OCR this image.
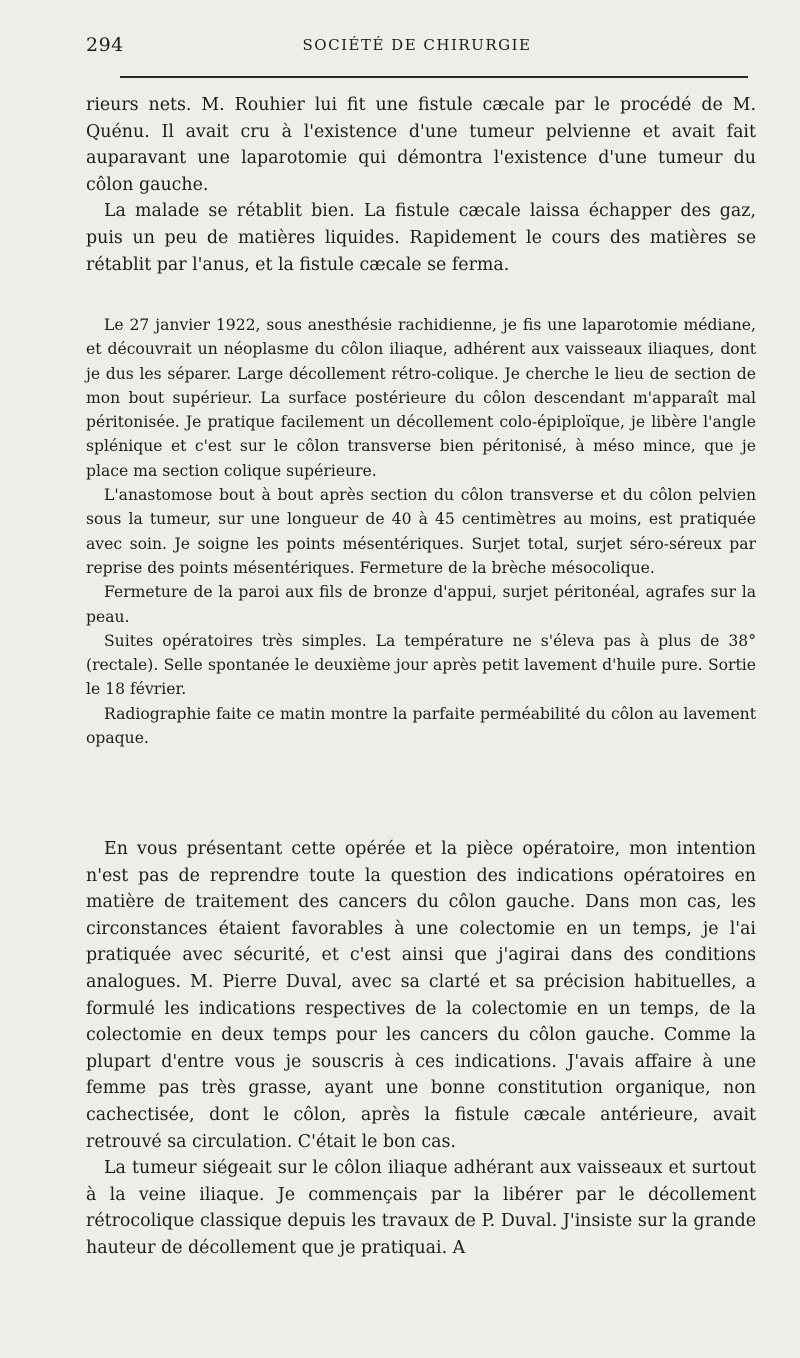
294	SOCIÉTÉ DE CHIRURGIE

rieurs nets. M. Rouhier lui fit une fistule cæcale par le procédé de M. Quénu. Il avait cru à l'existence d'une tumeur pelvienne et avait fait auparavant une laparotomie qui démontra l'existence d'une tumeur du côlon gauche.

La malade se rétablit bien. La fistule cæcale laissa échapper des gaz, puis un peu de matières liquides. Rapidement le cours des matières se rétablit par l'anus, et la fistule cæcale se ferma.

Le 27 janvier 1922, sous anesthésie rachidienne, je fis une laparotomie médiane, et découvrait un néoplasme du côlon iliaque, adhérent aux vaisseaux iliaques, dont je dus les séparer. Large décollement rétro-colique. Je cherche le lieu de section de mon bout supérieur. La surface postérieure du côlon descendant m'apparaît mal péritonisée. Je pratique facilement un décollement colo-épiploïque, je libère l'angle splénique et c'est sur le côlon transverse bien péritonisé, à méso mince, que je place ma section colique supérieure.

L'anastomose bout à bout après section du côlon transverse et du côlon pelvien sous la tumeur, sur une longueur de 40 à 45 centimètres au moins, est pratiquée avec soin. Je soigne les points mésentériques. Surjet total, surjet séro-séreux par reprise des points mésentériques. Fermeture de la brèche mésocolique.

Fermeture de la paroi aux fils de bronze d'appui, surjet péritonéal, agrafes sur la peau.

Suites opératoires très simples. La température ne s'éleva pas à plus de 38° (rectale). Selle spontanée le deuxième jour après petit lavement d'huile pure. Sortie le 18 février.

Radiographie faite ce matin montre la parfaite perméabilité du côlon au lavement opaque.

En vous présentant cette opérée et la pièce opératoire, mon intention n'est pas de reprendre toute la question des indications opératoires en matière de traitement des cancers du côlon gauche. Dans mon cas, les circonstances étaient favorables à une colectomie en un temps, je l'ai pratiquée avec sécurité, et c'est ainsi que j'agirai dans des conditions analogues. M. Pierre Duval, avec sa clarté et sa précision habituelles, a formulé les indications respectives de la colectomie en un temps, de la colectomie en deux temps pour les cancers du côlon gauche. Comme la plupart d'entre vous je souscris à ces indications. J'avais affaire à une femme pas très grasse, ayant une bonne constitution organique, non cachectisée, dont le côlon, après la fistule cæcale antérieure, avait retrouvé sa circulation. C'était le bon cas.

La tumeur siégeait sur le côlon iliaque adhérant aux vaisseaux et surtout à la veine iliaque. Je commençais par la libérer par le décollement rétrocolique classique depuis les travaux de P. Duval. J'insiste sur la grande hauteur de décollement que je pratiquai. A
